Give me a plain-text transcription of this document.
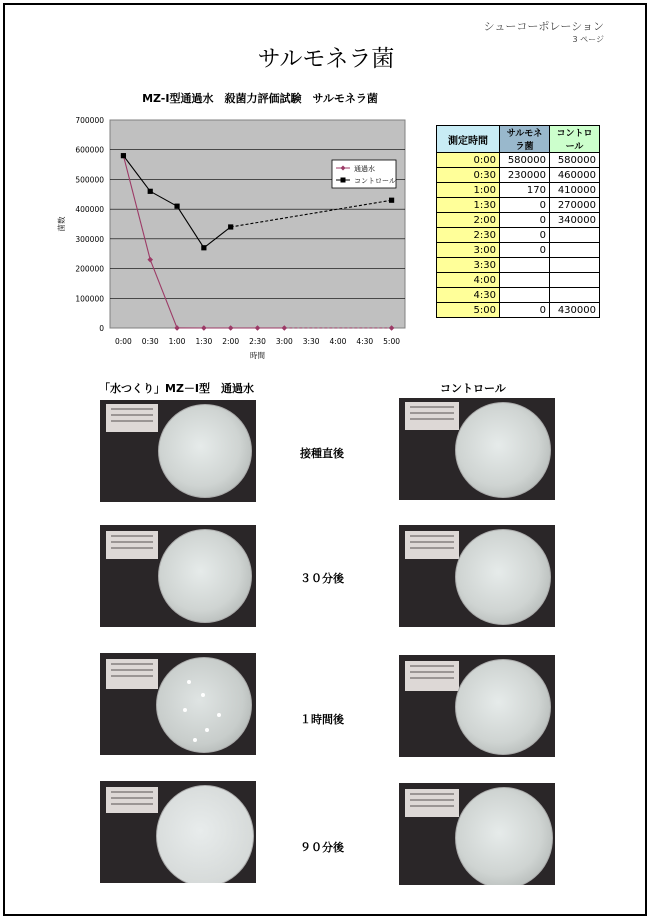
シューコーポレーション
3 ページ
サルモネラ菌
MZ-Ⅰ型通過水　殺菌力評価試験　サルモネラ菌
0
100000
200000
300000
400000
500000
600000
700000
0:00 0:30 1:00 1:30 2:00 2:30 3:00 3:30 4:00 4:30 5:00
時間
菌数
通過水
コントロール
測定時間	サルモネラ菌	コントロール
0:00	580000	580000
0:30	230000	460000
1:00	170	410000
1:30	0	270000
2:00	0	340000
2:30	0	
3:00	0	
3:30		
4:00		
4:30		
5:00	0	430000
「水つくり」MZ－Ⅰ型　通過水	コントロール
接種直後
３０分後
１時間後
９０分後
